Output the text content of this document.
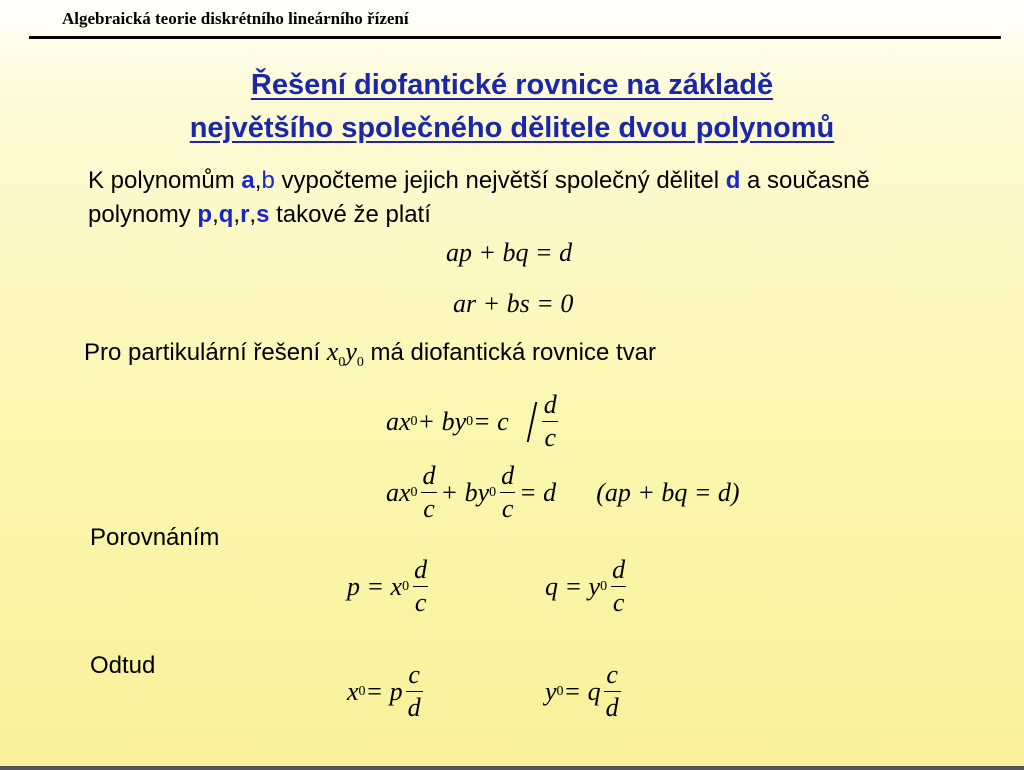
Algebraická teorie diskrétního lineárního řízení
Řešení diofantické rovnice na základě
největšího společného dělitele dvou polynomů
K polynomům a,b vypočteme jejich největší společný dělitel d a současně
polynomy p,q,r,s takové že platí
ap + bq = d
ar + bs = 0
Pro partikulární řešení $x_0y_0$ má diofantická rovnice tvar
ax 0 + by 0 = c $\frac{d}{c}$
ax $0 \frac{d}{c}$ + by $0 \frac{d}{c} = d$ (ap + bq = d)
Porovnáním
p = x $0 \frac{d}{c}$	q = y $0 \frac{d}{c}$
Odtud
x 0 = p $\frac{c}{d}$	y 0 = q $\frac{c}{d}$
